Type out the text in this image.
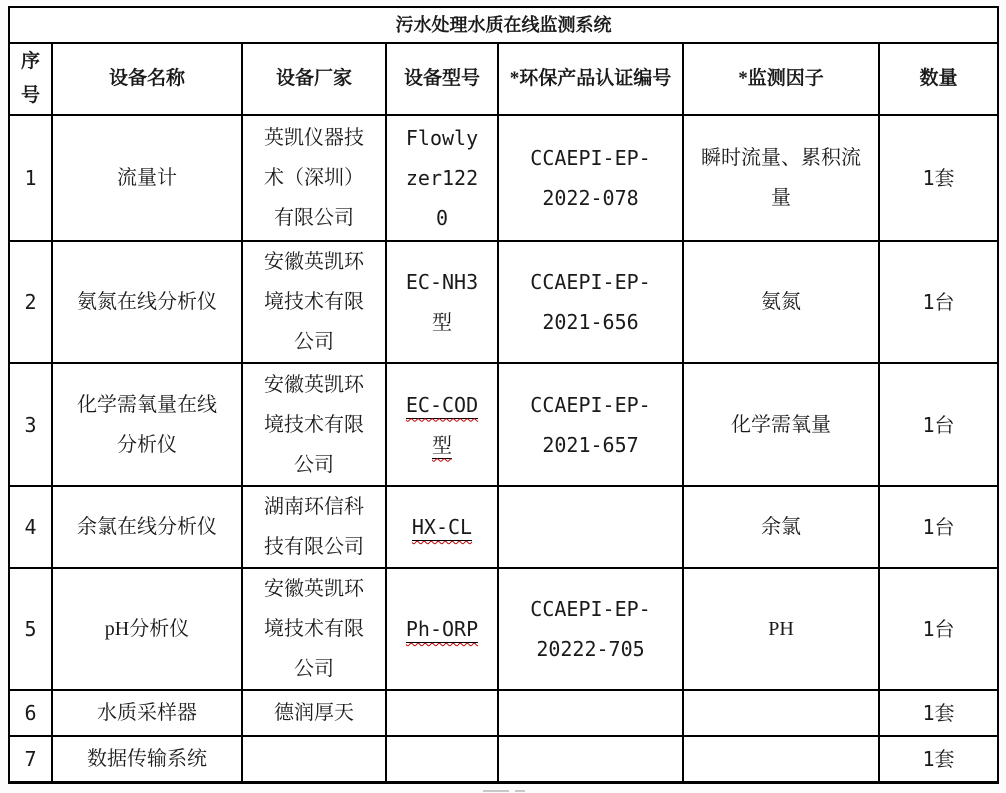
污水处理水质在线监测系统						
序号	设备名称	设备厂家	设备型号	*环保产品认证编号	*监测因子	数量
1	流量计	英凯仪器技术（深圳）有限公司	Flowlyzer1220	CCAEPI-EP-2022-078	瞬时流量、累积流量	1套
2	氨氮在线分析仪	安徽英凯环境技术有限公司	EC-NH3型	CCAEPI-EP-2021-656	氨氮	1台
3	化学需氧量在线分析仪	安徽英凯环境技术有限公司	EC-COD型	CCAEPI-EP-2021-657	化学需氧量	1台
4	余氯在线分析仪	湖南环信科技有限公司	HX-CL		余氯	1台
5	pH分析仪	安徽英凯环境技术有限公司	Ph-ORP	CCAEPI-EP-20222-705	PH	1台
6	水质采样器	德润厚天				1套
7	数据传输系统					1套
